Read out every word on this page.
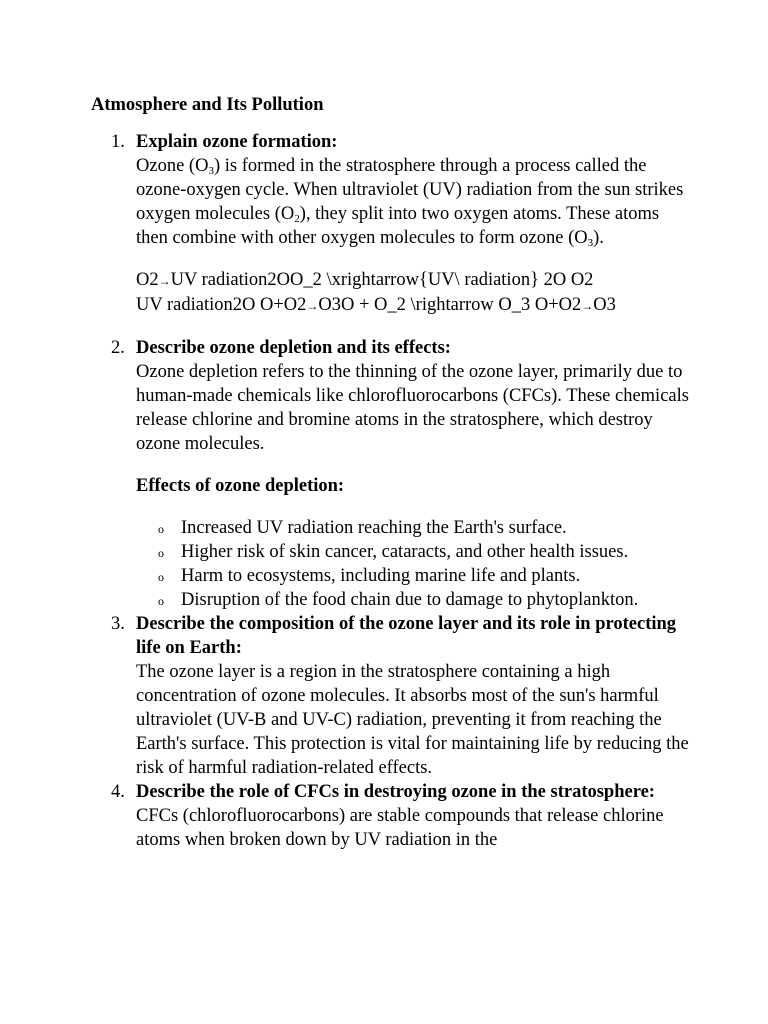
Atmosphere and Its Pollution
1. Explain ozone formation:

Ozone $(O_3)$ is formed in the stratosphere through a process called the ozone-oxygen cycle. When ultraviolet (UV) radiation from the sun strikes oxygen molecules $(O_2)$, they split into two oxygen atoms. These atoms then combine with other oxygen molecules to form ozone $(O_3)$.

O2→UV radiation2OO_2 \xrightarrow{UV\ radiation} 2O O2
UV radiation2O O+O2→O3O + O_2 \rightarrow O_3 O+O2→O3
2. Describe ozone depletion and its effects:

Ozone depletion refers to the thinning of the ozone layer, primarily due to human-made chemicals like chlorofluorocarbons (CFCs). These chemicals release chlorine and bromine atoms in the stratosphere, which destroy ozone molecules.

Effects of ozone depletion:

o Increased UV radiation reaching the Earth's surface.
o Higher risk of skin cancer, cataracts, and other health issues.
o Harm to ecosystems, including marine life and plants.
o Disruption of the food chain due to damage to phytoplankton.
3. Describe the composition of the ozone layer and its role in protecting life on Earth:

The ozone layer is a region in the stratosphere containing a high concentration of ozone molecules. It absorbs most of the sun's harmful ultraviolet (UV-B and UV-C) radiation, preventing it from reaching the Earth's surface. This protection is vital for maintaining life by reducing the risk of harmful radiation-related effects.

4. Describe the role of CFCs in destroying ozone in the stratosphere:

CFCs (chlorofluorocarbons) are stable compounds that release chlorine atoms when broken down by UV radiation in the
